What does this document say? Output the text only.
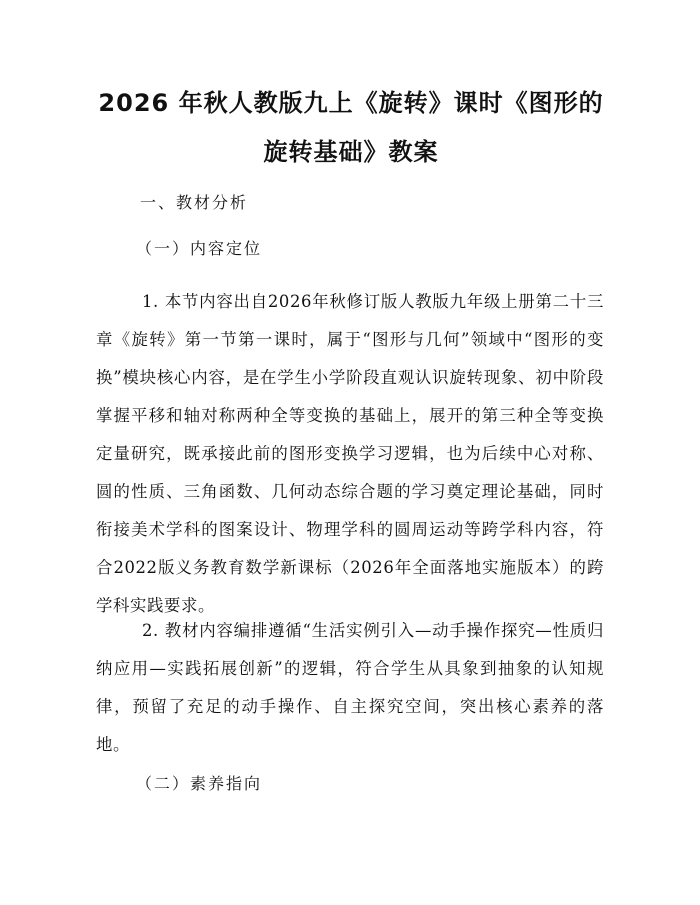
2026 年秋人教版九上《旋转》课时《图形的
旋转基础》教案
一、教材分析
（一）内容定位
1. 本节内容出自2026年秋修订版人教版九年级上册第二十三章《旋转》第一节第一课时，属于“图形与几何”领域中“图形的变换”模块核心内容，是在学生小学阶段直观认识旋转现象、初中阶段掌握平移和轴对称两种全等变换的基础上，展开的第三种全等变换定量研究，既承接此前的图形变换学习逻辑，也为后续中心对称、圆的性质、三角函数、几何动态综合题的学习奠定理论基础，同时衔接美术学科的图案设计、物理学科的圆周运动等跨学科内容，符合2022版义务教育数学新课标（2026年全面落地实施版本）的跨学科实践要求。
2. 教材内容编排遵循“生活实例引入—动手操作探究—性质归纳应用—实践拓展创新”的逻辑，符合学生从具象到抽象的认知规律，预留了充足的动手操作、自主探究空间，突出核心素养的落地。
（二）素养指向
